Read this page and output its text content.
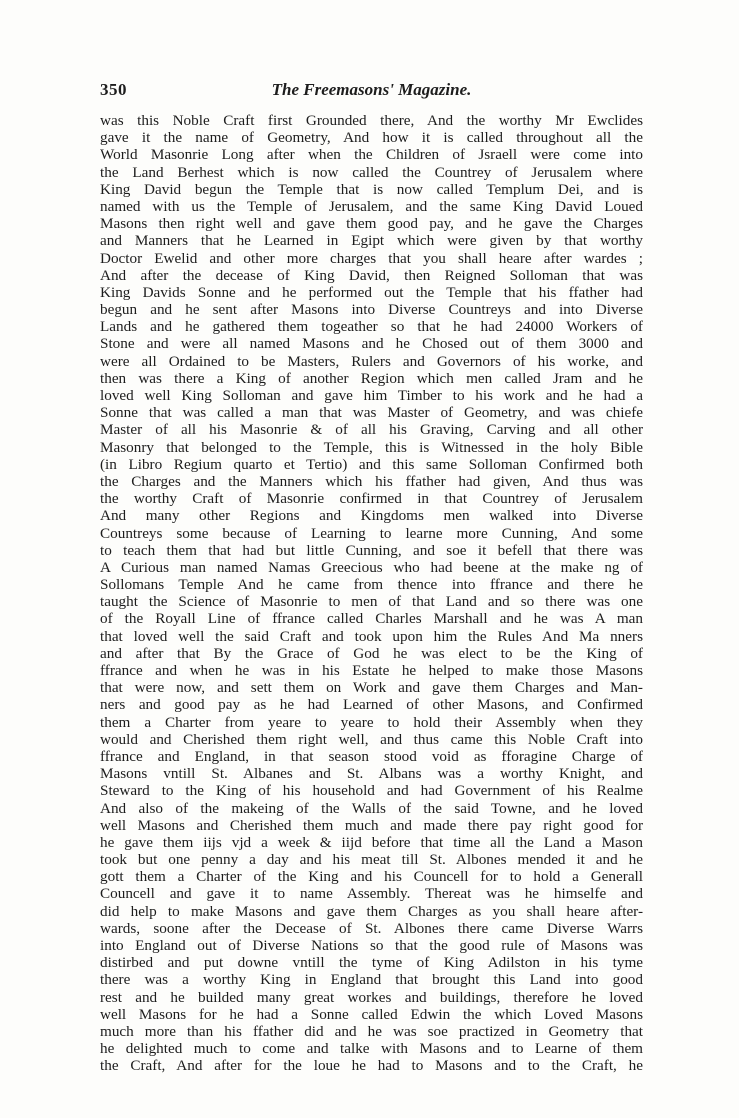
350	The Freemasons' Magazine.
was this Noble Craft first Grounded there, And the worthy Mr Ewclides
gave it the name of Geometry, And how it is called throughout all the
World Masonrie Long after when the Children of Jsraell were come into
the Land Berhest which is now called the Countrey of Jerusalem where
King David begun the Temple that is now called Templum Dei, and is
named with us the Temple of Jerusalem, and the same King David Loued
Masons then right well and gave them good pay, and he gave the Charges
and Manners that he Learned in Egipt which were given by that worthy
Doctor Ewelid and other more charges that you shall heare after wardes ;
And after the decease of King David, then Reigned Solloman that was
King Davids Sonne and he performed out the Temple that his ffather had
begun and he sent after Masons into Diverse Countreys and into Diverse
Lands and he gathered them togeather so that he had 24000 Workers of
Stone and were all named Masons and he Chosed out of them 3000 and
were all Ordained to be Masters, Rulers and Governors of his worke, and
then was there a King of another Region which men called Jram and he
loved well King Solloman and gave him Timber to his work and he had a
Sonne that was called a man that was Master of Geometry, and was chiefe
Master of all his Masonrie & of all his Graving, Carving and all other
Masonry that belonged to the Temple, this is Witnessed in the holy Bible
(in Libro Regium quarto et Tertio) and this same Solloman Confirmed both
the Charges and the Manners which his ffather had given, And thus was
the worthy Craft of Masonrie confirmed in that Countrey of Jerusalem
And many other Regions and Kingdoms men walked into Diverse
Countreys some because of Learning to learne more Cunning, And some
to teach them that had but little Cunning, and soe it befell that there was
A Curious man named Namas Greecious who had beene at the make ng of
Sollomans Temple And he came from thence into ffrance and there he
taught the Science of Masonrie to men of that Land and so there was one
of the Royall Line of ffrance called Charles Marshall and he was A man
that loved well the said Craft and took upon him the Rules And Ma nners
and after that By the Grace of God he was elect to be the King of
ffrance and when he was in his Estate he helped to make those Masons
that were now, and sett them on Work and gave them Charges and Man-
ners and good pay as he had Learned of other Masons, and Confirmed
them a Charter from yeare to yeare to hold their Assembly when they
would and Cherished them right well, and thus came this Noble Craft into
ffrance and England, in that season stood void as fforagine Charge of
Masons vntill St. Albanes and St. Albans was a worthy Knight, and
Steward to the King of his household and had Government of his Realme
And also of the makeing of the Walls of the said Towne, and he loved
well Masons and Cherished them much and made there pay right good for
he gave them iijs vjd a week & iijd before that time all the Land a Mason
took but one penny a day and his meat till St. Albones mended it and he
gott them a Charter of the King and his Councell for to hold a Generall
Councell and gave it to name Assembly. Thereat was he himselfe and
did help to make Masons and gave them Charges as you shall heare after-
wards, soone after the Decease of St. Albones there came Diverse Warrs
into England out of Diverse Nations so that the good rule of Masons was
distirbed and put downe vntill the tyme of King Adilston in his tyme
there was a worthy King in England that brought this Land into good
rest and he builded many great workes and buildings, therefore he loved
well Masons for he had a Sonne called Edwin the which Loved Masons
much more than his ffather did and he was soe practized in Geometry that
he delighted much to come and talke with Masons and to Learne of them
the Craft, And after for the loue he had to Masons and to the Craft, he
